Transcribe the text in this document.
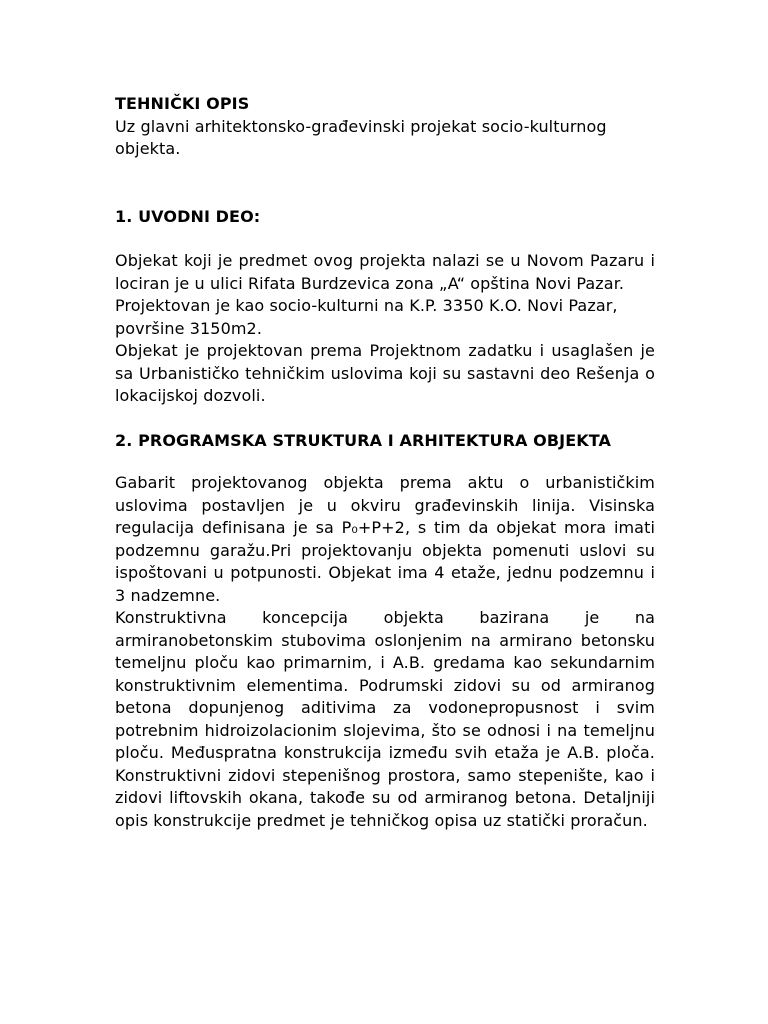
TEHNIČKI OPIS

Uz glavni arhitektonsko-građevinski projekat socio-kulturnog objekta.

1. UVODNI DEO:

Objekat koji je predmet ovog projekta nalazi se u Novom Pazaru i lociran je u ulici Rifata Burdzevica zona „A“ opština Novi Pazar.

Projektovan je kao socio-kulturni na K.P. 3350 K.O. Novi Pazar, površine 3150m2.

Objekat je projektovan prema Projektnom zadatku i usaglašen je sa Urbanističko tehničkim uslovima koji su sastavni deo Rešenja o lokacijskoj dozvoli.

2. PROGRAMSKA STRUKTURA I ARHITEKTURA OBJEKTA

Gabarit projektovanog objekta prema aktu o urbanističkim uslovima postavljen je u okviru građevinskih linija. Visinska regulacija definisana je sa P₀+P+2, s tim da objekat mora imati podzemnu garažu.Pri projektovanju objekta pomenuti uslovi su ispoštovani u potpunosti. Objekat ima 4 etaže, jednu podzemnu i 3 nadzemne.

Konstruktivna koncepcija objekta bazirana je na armiranobetonskim stubovima oslonjenim na armirano betonsku temeljnu ploču kao primarnim, i A.B. gredama kao sekundarnim konstruktivnim elementima. Podrumski zidovi su od armiranog betona dopunjenog aditivima za vodonepropusnost i svim potrebnim hidroizolacionim slojevima, što se odnosi i na temeljnu ploču. Međuspratna konstrukcija između svih etaža je A.B. ploča. Konstruktivni zidovi stepenišnog prostora, samo stepenište, kao i zidovi liftovskih okana, takođe su od armiranog betona. Detaljniji opis konstrukcije predmet je tehničkog opisa uz statički proračun.
